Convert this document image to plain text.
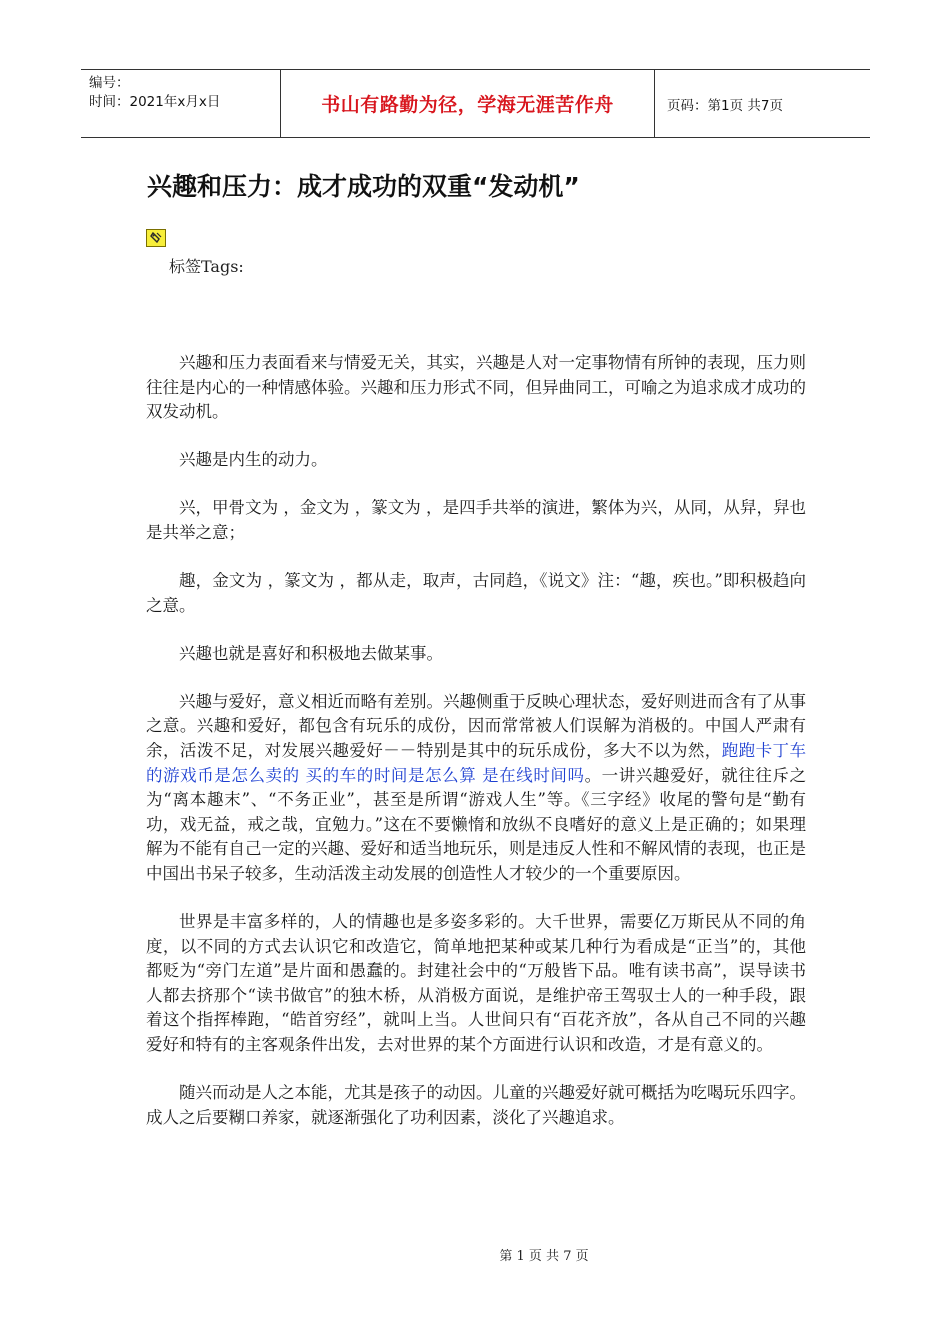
编号：
时间：2021年x月x日	书山有路勤为径，学海无涯苦作舟	页码：第1页 共7页
兴趣和压力：成才成功的双重“发动机”
标签Tags:

兴趣和压力表面看来与情爱无关，其实，兴趣是人对一定事物情有所钟的表现，压力则往往是内心的一种情感体验。兴趣和压力形式不同，但异曲同工，可喻之为追求成才成功的双发动机。

兴趣是内生的动力。

兴，甲骨文为 ，金文为 ，篆文为 ，是四手共举的演进，繁体为兴，从同，从舁，舁也是共举之意；

趣，金文为 ，篆文为 ，都从走，取声，古同趋，《说文》注：“趣，疾也。”即积极趋向之意。

兴趣也就是喜好和积极地去做某事。

兴趣与爱好，意义相近而略有差别。兴趣侧重于反映心理状态，爱好则进而含有了从事之意。兴趣和爱好，都包含有玩乐的成份，因而常常被人们误解为消极的。中国人严肃有余，活泼不足，对发展兴趣爱好－－特别是其中的玩乐成份，多大不以为然，跑跑卡丁车 的游戏币是怎么卖的 买的车的时间是怎么算 是在线时间吗。一讲兴趣爱好，就往往斥之为“离本趣末”、“不务正业”，甚至是所谓“游戏人生”等。《三字经》收尾的警句是“勤有功，戏无益，戒之哉，宜勉力。”这在不要懒惰和放纵不良嗜好的意义上是正确的；如果理解为不能有自己一定的兴趣、爱好和适当地玩乐，则是违反人性和不解风情的表现，也正是中国出书呆子较多，生动活泼主动发展的创造性人才较少的一个重要原因。

世界是丰富多样的，人的情趣也是多姿多彩的。大千世界，需要亿万斯民从不同的角度，以不同的方式去认识它和改造它，简单地把某种或某几种行为看成是“正当”的，其他都贬为“旁门左道”是片面和愚蠢的。封建社会中的“万般皆下品。唯有读书高”，误导读书人都去挤那个“读书做官”的独木桥，从消极方面说，是维护帝王驾驭士人的一种手段，跟着这个指挥棒跑，“皓首穷经”，就叫上当。人世间只有“百花齐放”，各从自己不同的兴趣爱好和特有的主客观条件出发，去对世界的某个方面进行认识和改造，才是有意义的。

随兴而动是人之本能，尤其是孩子的动因。儿童的兴趣爱好就可概括为吃喝玩乐四字。成人之后要糊口养家，就逐渐强化了功利因素，淡化了兴趣追求。

第 1 页 共 7 页
